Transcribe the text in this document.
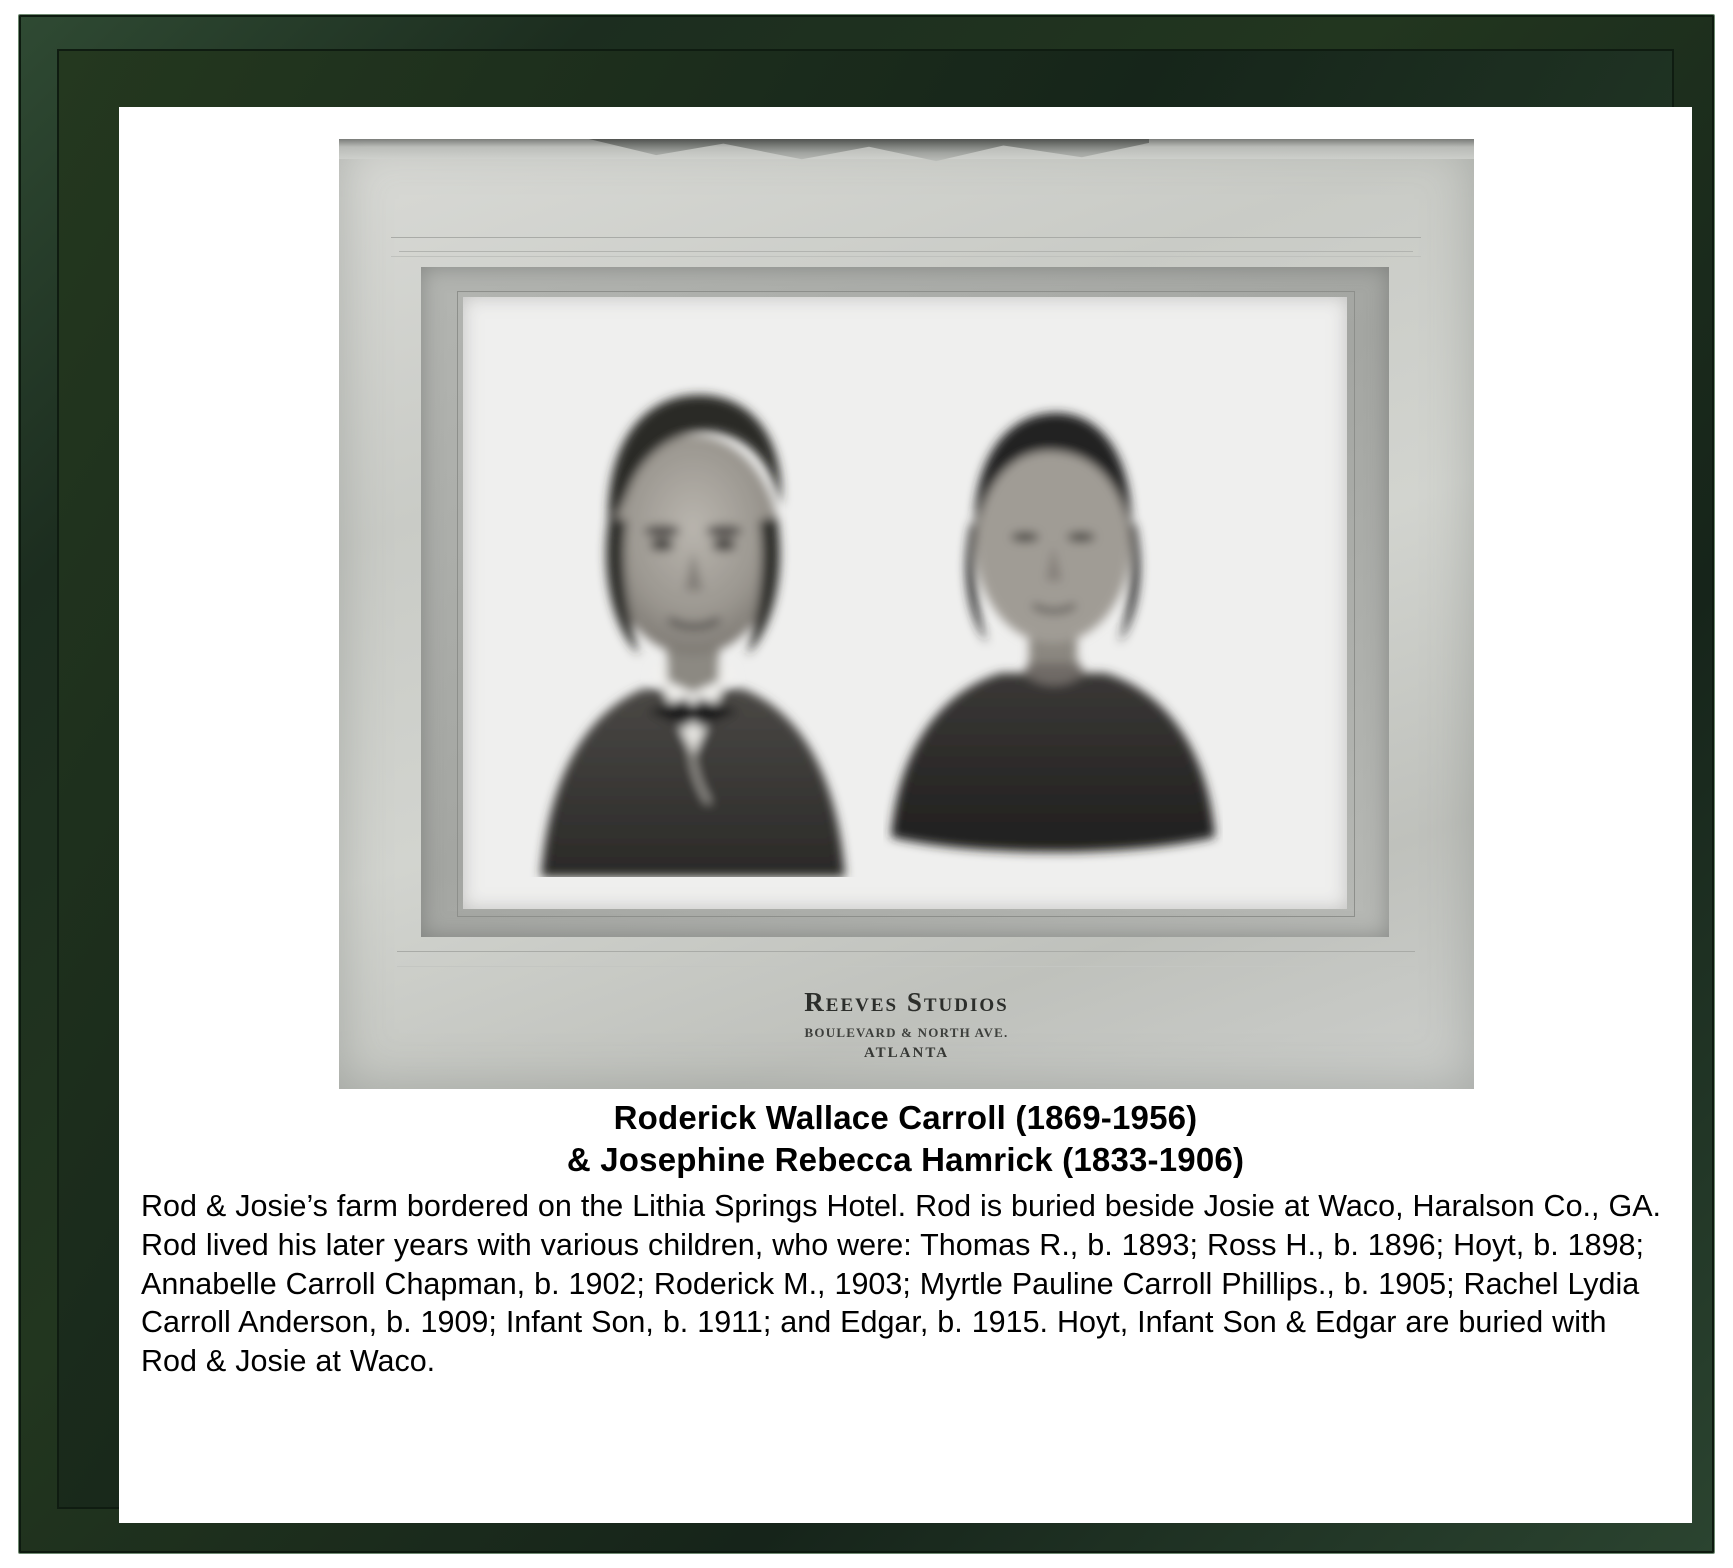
Reeves Studios
BOULEVARD & NORTH AVE.
ATLANTA
Roderick Wallace Carroll (1869-1956)
& Josephine Rebecca Hamrick (1833-1906)

Rod & Josie’s farm bordered on the Lithia Springs Hotel. Rod is buried beside Josie at Waco, Haralson Co., GA. Rod lived his later years with various children, who were: Thomas R., b. 1893; Ross H., b. 1896; Hoyt, b. 1898; Annabelle Carroll Chapman, b. 1902; Roderick M., 1903; Myrtle Pauline Carroll Phillips., b. 1905; Rachel Lydia Carroll Anderson, b. 1909; Infant Son, b. 1911; and Edgar, b. 1915. Hoyt, Infant Son & Edgar are buried with Rod & Josie at Waco.
